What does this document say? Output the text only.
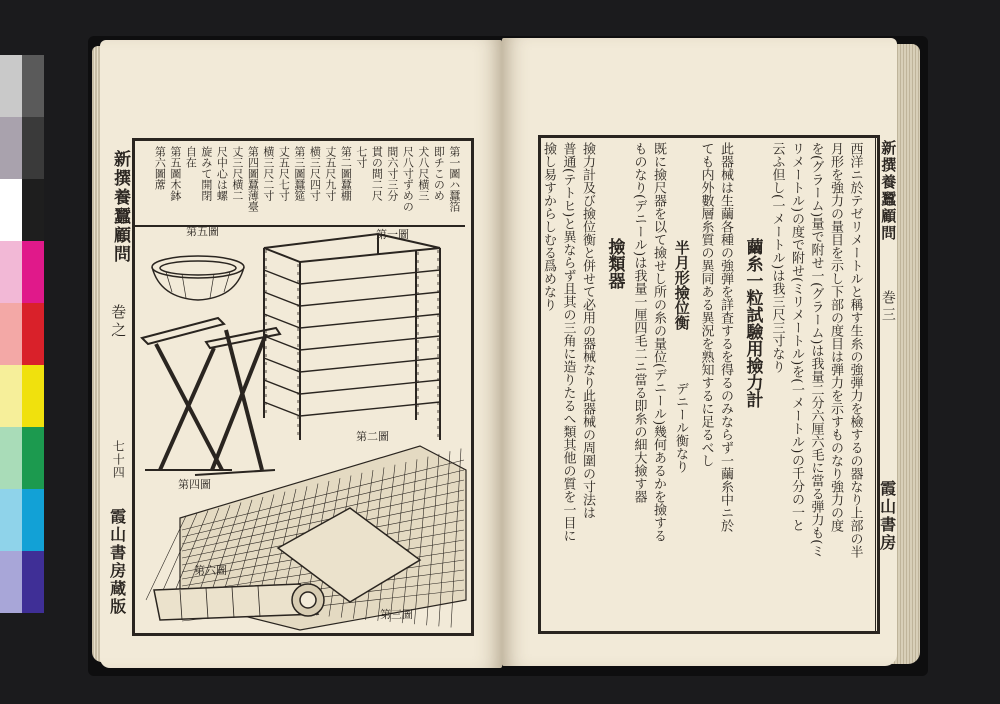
新撰養蠶顧問
巻之
七十四
霞山書房蔵版
第一圖ハ蠶箔
即チこのめ
犬八尺横三
尺八寸ずめの
間六寸三分
貫の間二尺
七寸
第二圖蠶棚
丈五尺九寸
横三尺四寸
第三圖蠶筵
丈五尺七寸
横三尺二寸
第四圖蠶薄臺
丈三尺横二
尺中心は螺
旋みて開閉
自在
第五圖木鉢
第六圖蓆
第五圖	第一圖
第二圖
第四圖
第六圖
第三圖
新撰養蠶顧問
巻三
霞山書房
西洋ニ於テゼリメートルと稱す生糸の強弾力を檢するの器なり上部の半
月形を強力の量目を示し下部の度目は弾力を示すものなり強力の度
を(グラーム)量で附せ一(グラーム)は我量二分六厘六毛に當る弾力も(ミ
リメートル)の度で附せ(ミリメートル)を(一メートル)の千分の一と
云ふ但し(一メートル)は我三尺三寸なり
繭糸一粒試驗用撿力計
此器械は生繭各種の強弾を詳査するを得るのみならず一繭糸中ニ於
ても内外數層糸質の異同ある異況を熟知するに足るべし
半月形撿位衡
デニール衡なり
既に撿尺器を以て撿せし所の糸の量位(デニール)幾何あるかを撿する
ものなり(デニール)は我量一厘四毛二ニ當る即糸の細大撿す器
撿類器
撿力計及び撿位衡と併せて必用の器械なり此器械の周圍の寸法は
普通(テトヒ)と異ならず且其の三角に造りたるへ類其他の質を一目に
撿し易すからしむる爲めなり
